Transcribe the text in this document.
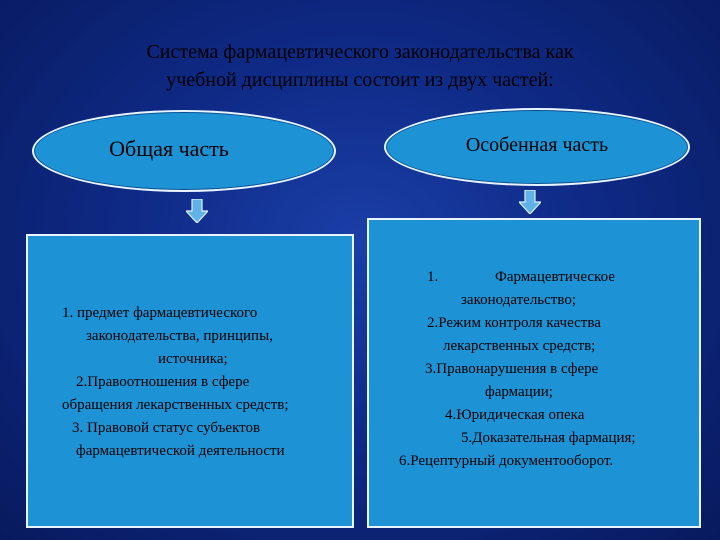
Система фармацевтического законодательства как
учебной дисциплины состоит из двух частей:
Общая часть	Особенная часть
1. предмет фармацевтического
законодательства, принципы,
источника;
2.Правоотношения в сфере
обращения лекарственных средств;
3. Правовой статус субъектов
фармацевтической деятельности
1.	Фармацевтическое
законодательство;
2.Режим контроля качества
лекарственных средств;
3.Правонарушения в сфере
фармации;
4.Юридическая опека
5.Доказательная фармация;
6.Рецептурный документооборот.
